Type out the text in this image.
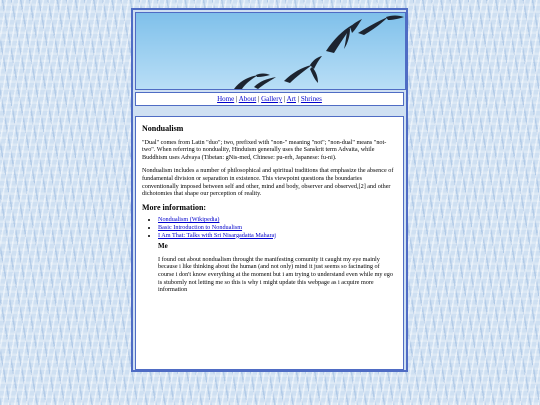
Home | About | Gallery | Art | Shrines
Nondualism

"Dual" comes from Latin "duo"; two, prefixed with "non-" meaning "not"; "non-dual" means "not-two". When referring to nonduality, Hinduism generally uses the Sanskrit term Advaita, while Buddhism uses Advaya (Tibetan: gNis-med, Chinese: pu-erh, Japanese: fu-ni).

Nondualism includes a number of philosophical and spiritual traditions that emphasize the absence of fundamental division or separation in existence. This viewpoint questions the boundaries conventionally imposed between self and other, mind and body, observer and observed,[2] and other dichotomies that shape our perception of reality.

More information:
• Nondualism (Wikipedia)
• Basic Introduction to Nondualism
• I Am That: Talks with Sri Nisargadatta Maharaj
Me

I found out about nondualism throught the manifesting comunity it caught my eye mainly because i like thinking about the human (and not only) mind it just seems so facinating of course i don't know everything at the moment but i am trying to understand even while my ego is stubornly not letting me so this is why i might update this webpage as i acquire more information
